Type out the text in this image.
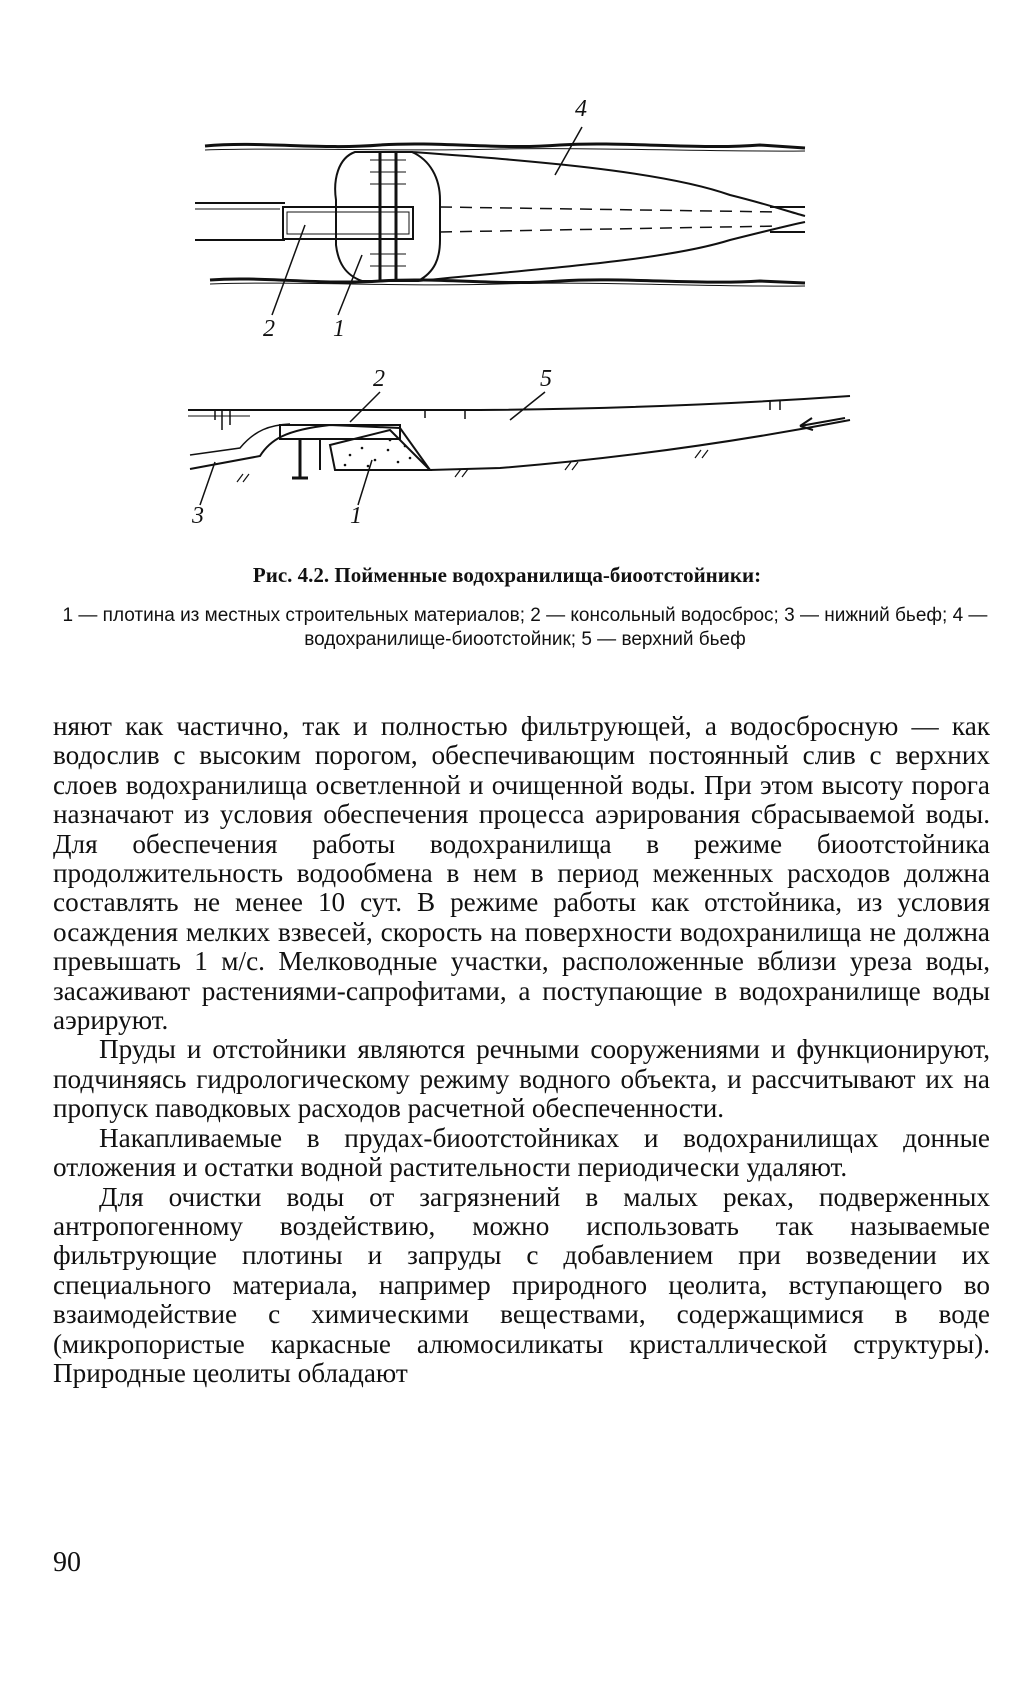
4
2 1
2	5
3	1
Рис. 4.2. Пойменные водохранилища-биоотстойники:
1 — плотина из местных строительных материалов; 2 — консольный водосброс; 3 — нижний бьеф; 4 — водохранилище-биоотстойник; 5 — верхний бьеф

няют как частично, так и полностью фильтрующей, а водосбросную — как водослив с высоким порогом, обеспечивающим постоянный слив с верхних слоев водохранилища осветленной и очищенной воды. При этом высоту порога назначают из условия обеспечения процесса аэрирования сбрасываемой воды. Для обеспечения работы водохранилища в режиме биоотстойника продолжительность водообмена в нем в период меженных расходов должна составлять не менее 10 сут. В режиме работы как отстойника, из условия осаждения мелких взвесей, скорость на поверхности водохранилища не должна превышать 1 м/с. Мелководные участки, расположенные вблизи уреза воды, засаживают растениями-сапрофитами, а поступающие в водохранилище воды аэрируют.

Пруды и отстойники являются речными сооружениями и функционируют, подчиняясь гидрологическому режиму водного объекта, и рассчитывают их на пропуск паводковых расходов расчетной обеспеченности.

Накапливаемые в прудах-биоотстойниках и водохранилищах донные отложения и остатки водной растительности периодически удаляют.

Для очистки воды от загрязнений в малых реках, подверженных антропогенному воздействию, можно использовать так называемые фильтрующие плотины и запруды с добавлением при возведении их специального материала, например природного цеолита, вступающего во взаимодействие с химическими веществами, содержащимися в воде (микропористые каркасные алюмосиликаты кристаллической структуры). Природные цеолиты обладают

90
